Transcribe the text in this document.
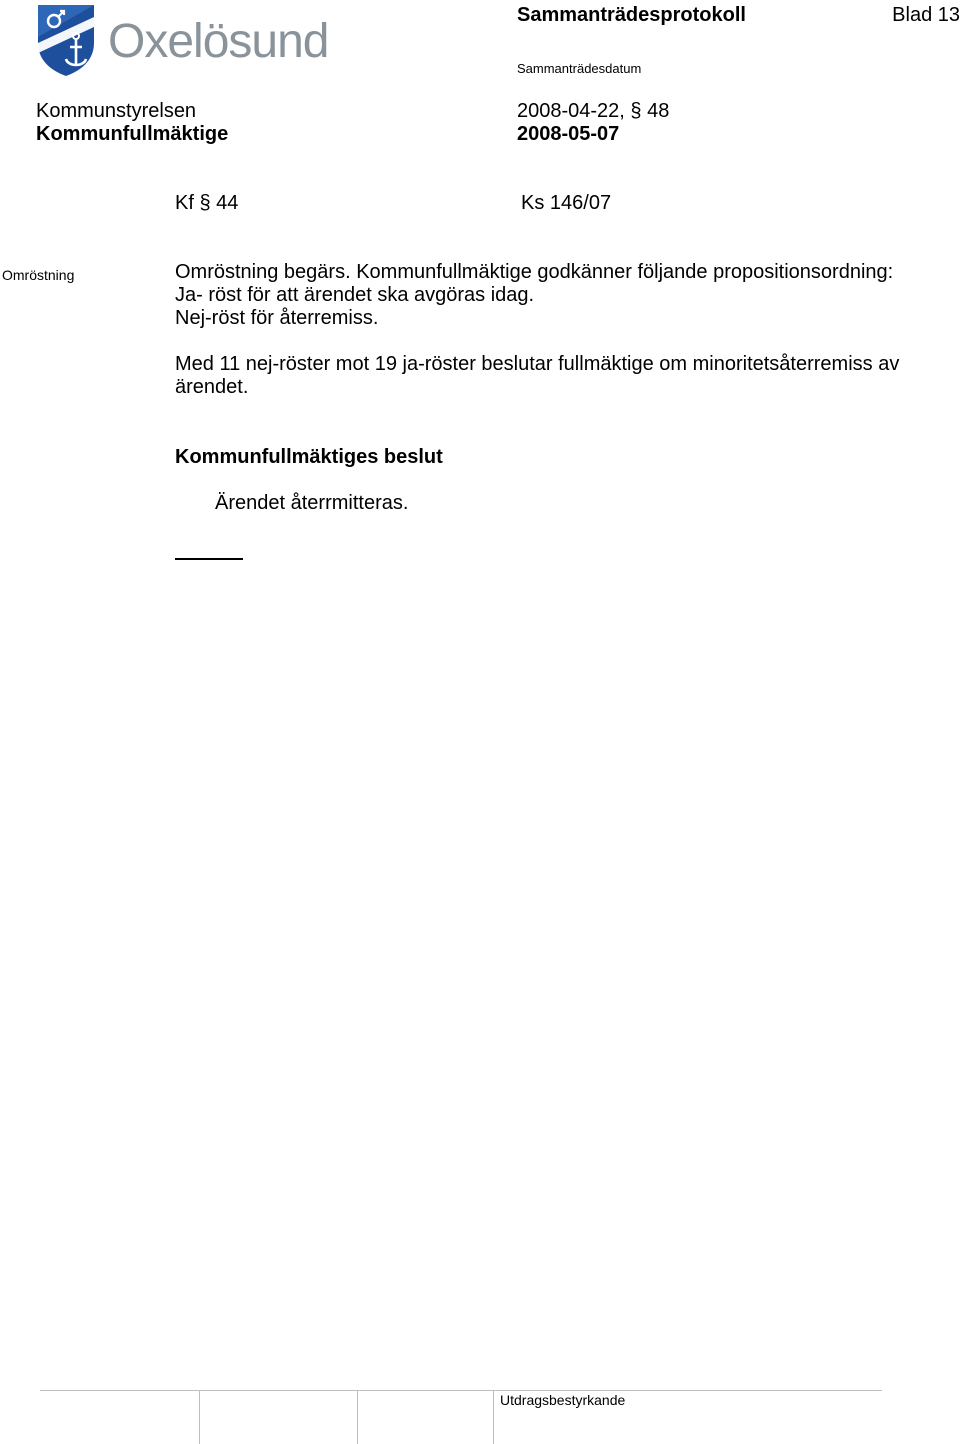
Oxelösund	Sammanträdesprotokoll	Blad 13
Sammanträdesdatum
Kommunstyrelsen	2008-04-22, § 48
Kommunfullmäktige	2008-05-07
Kf § 44	Ks 146/07
Omröstning	Omröstning begärs. Kommunfullmäktige godkänner följande propositionsordning:

Ja- röst för att ärendet ska avgöras idag.

Nej-röst för återremiss.

Med 11 nej-röster mot 19 ja-röster beslutar fullmäktige om minoritetsåterremiss av ärendet.

Kommunfullmäktiges beslut
Ärendet återrmitteras.
Utdragsbestyrkande
